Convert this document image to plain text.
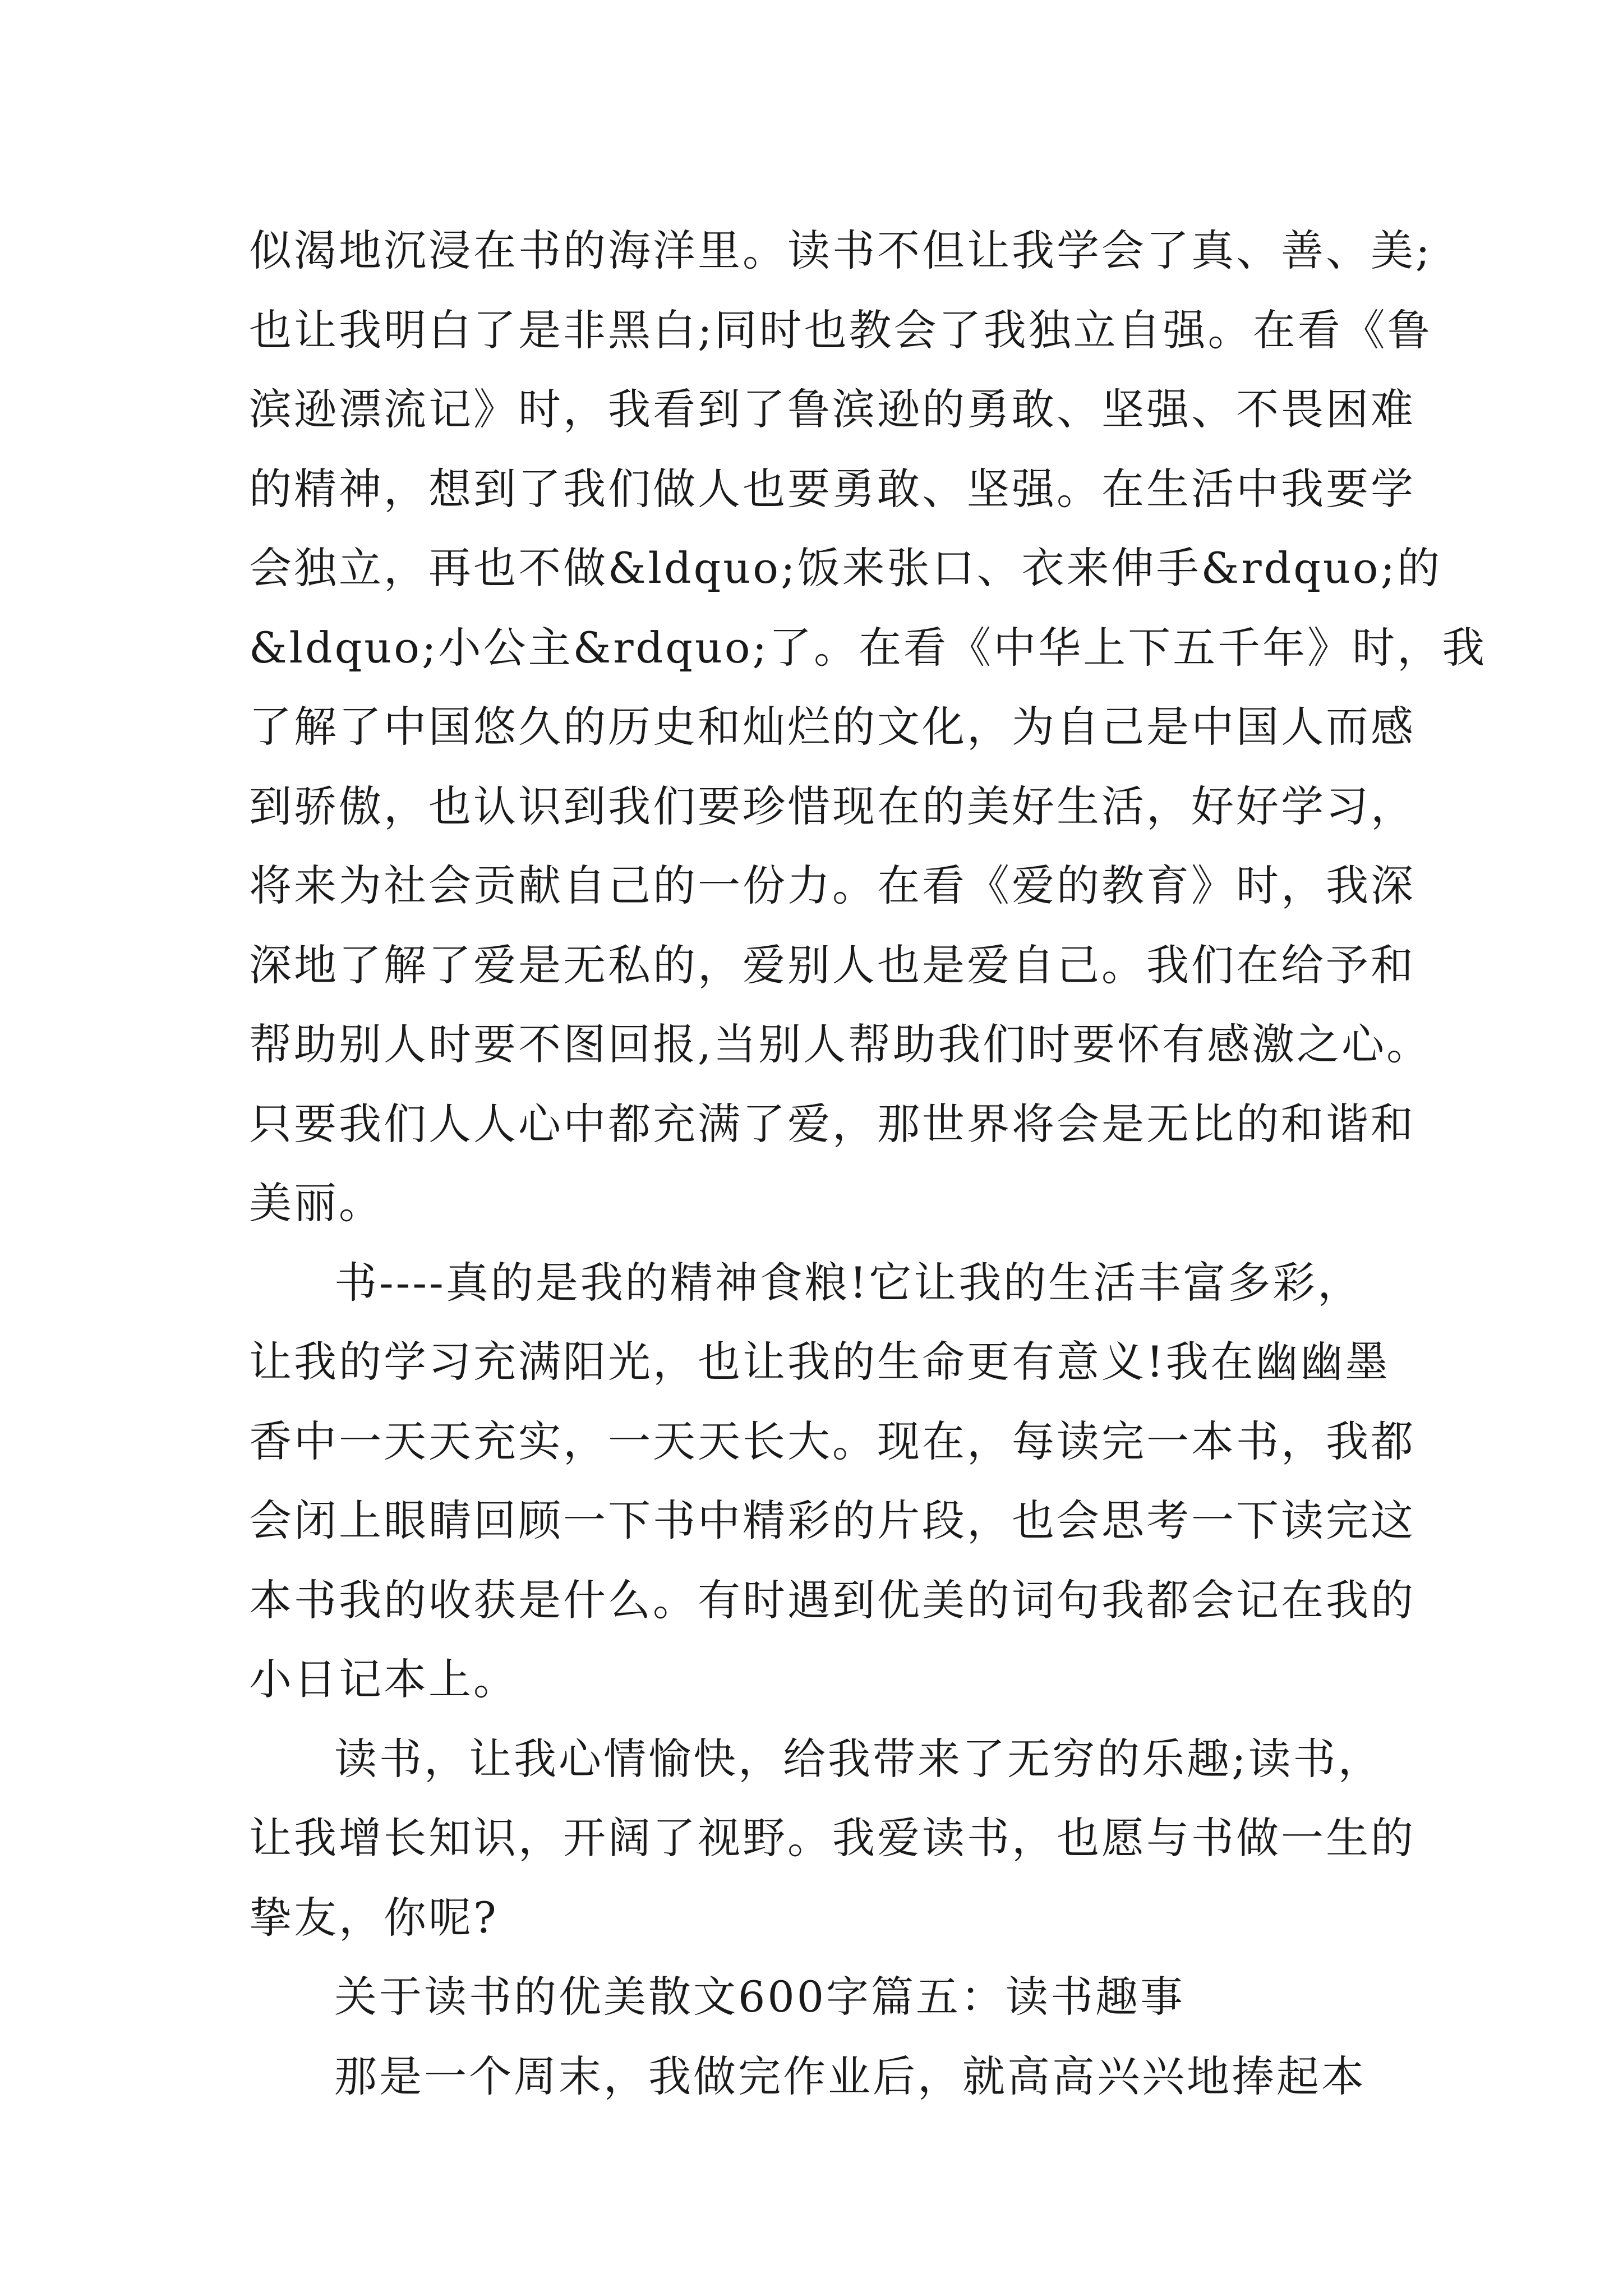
似渴地沉浸在书的海洋里。读书不但让我学会了真、善、美;
也让我明白了是非黑白;同时也教会了我独立自强。在看《鲁
滨逊漂流记》时，我看到了鲁滨逊的勇敢、坚强、不畏困难
的精神，想到了我们做人也要勇敢、坚强。在生活中我要学
会独立，再也不做&ldquo;饭来张口、衣来伸手&rdquo;的
&ldquo;小公主&rdquo;了。在看《中华上下五千年》时，我
了解了中国悠久的历史和灿烂的文化，为自己是中国人而感
到骄傲，也认识到我们要珍惜现在的美好生活，好好学习，
将来为社会贡献自己的一份力。在看《爱的教育》时，我深
深地了解了爱是无私的，爱别人也是爱自己。我们在给予和
帮助别人时要不图回报,当别人帮助我们时要怀有感激之心。
只要我们人人心中都充满了爱，那世界将会是无比的和谐和
美丽。
书----真的是我的精神食粮!它让我的生活丰富多彩，
让我的学习充满阳光，也让我的生命更有意义!我在幽幽墨
香中一天天充实，一天天长大。现在，每读完一本书，我都
会闭上眼睛回顾一下书中精彩的片段，也会思考一下读完这
本书我的收获是什么。有时遇到优美的词句我都会记在我的
小日记本上。
读书，让我心情愉快，给我带来了无穷的乐趣;读书，
让我增长知识，开阔了视野。我爱读书，也愿与书做一生的
挚友，你呢?
关于读书的优美散文600字篇五：读书趣事
那是一个周末，我做完作业后，就高高兴兴地捧起本
